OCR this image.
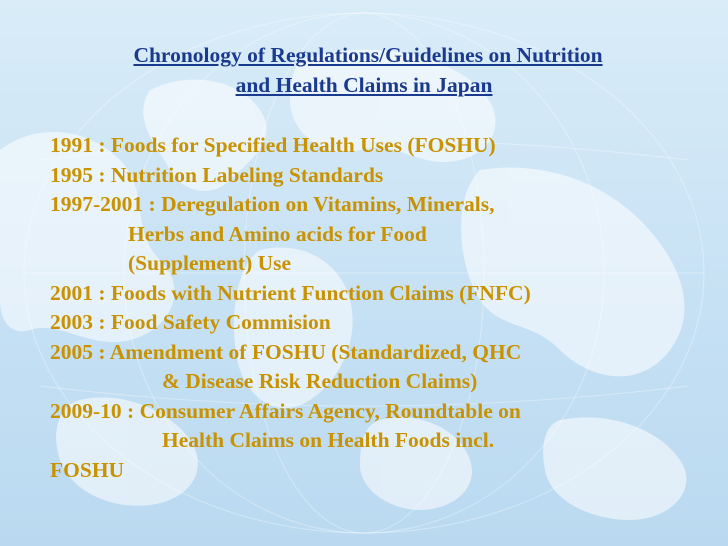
Chronology of Regulations/Guidelines on Nutrition
and Health Claims in Japan
1991 : Foods for Specified Health Uses (FOSHU)
1995 : Nutrition Labeling Standards
1997-2001 : Deregulation on Vitamins, Minerals,
Herbs and Amino acids for Food
(Supplement) Use
2001 : Foods with Nutrient Function Claims (FNFC)
2003 : Food Safety Commision
2005 : Amendment of FOSHU (Standardized, QHC
& Disease Risk Reduction Claims)
2009-10 : Consumer Affairs Agency, Roundtable on
Health Claims on Health Foods incl.
FOSHU
